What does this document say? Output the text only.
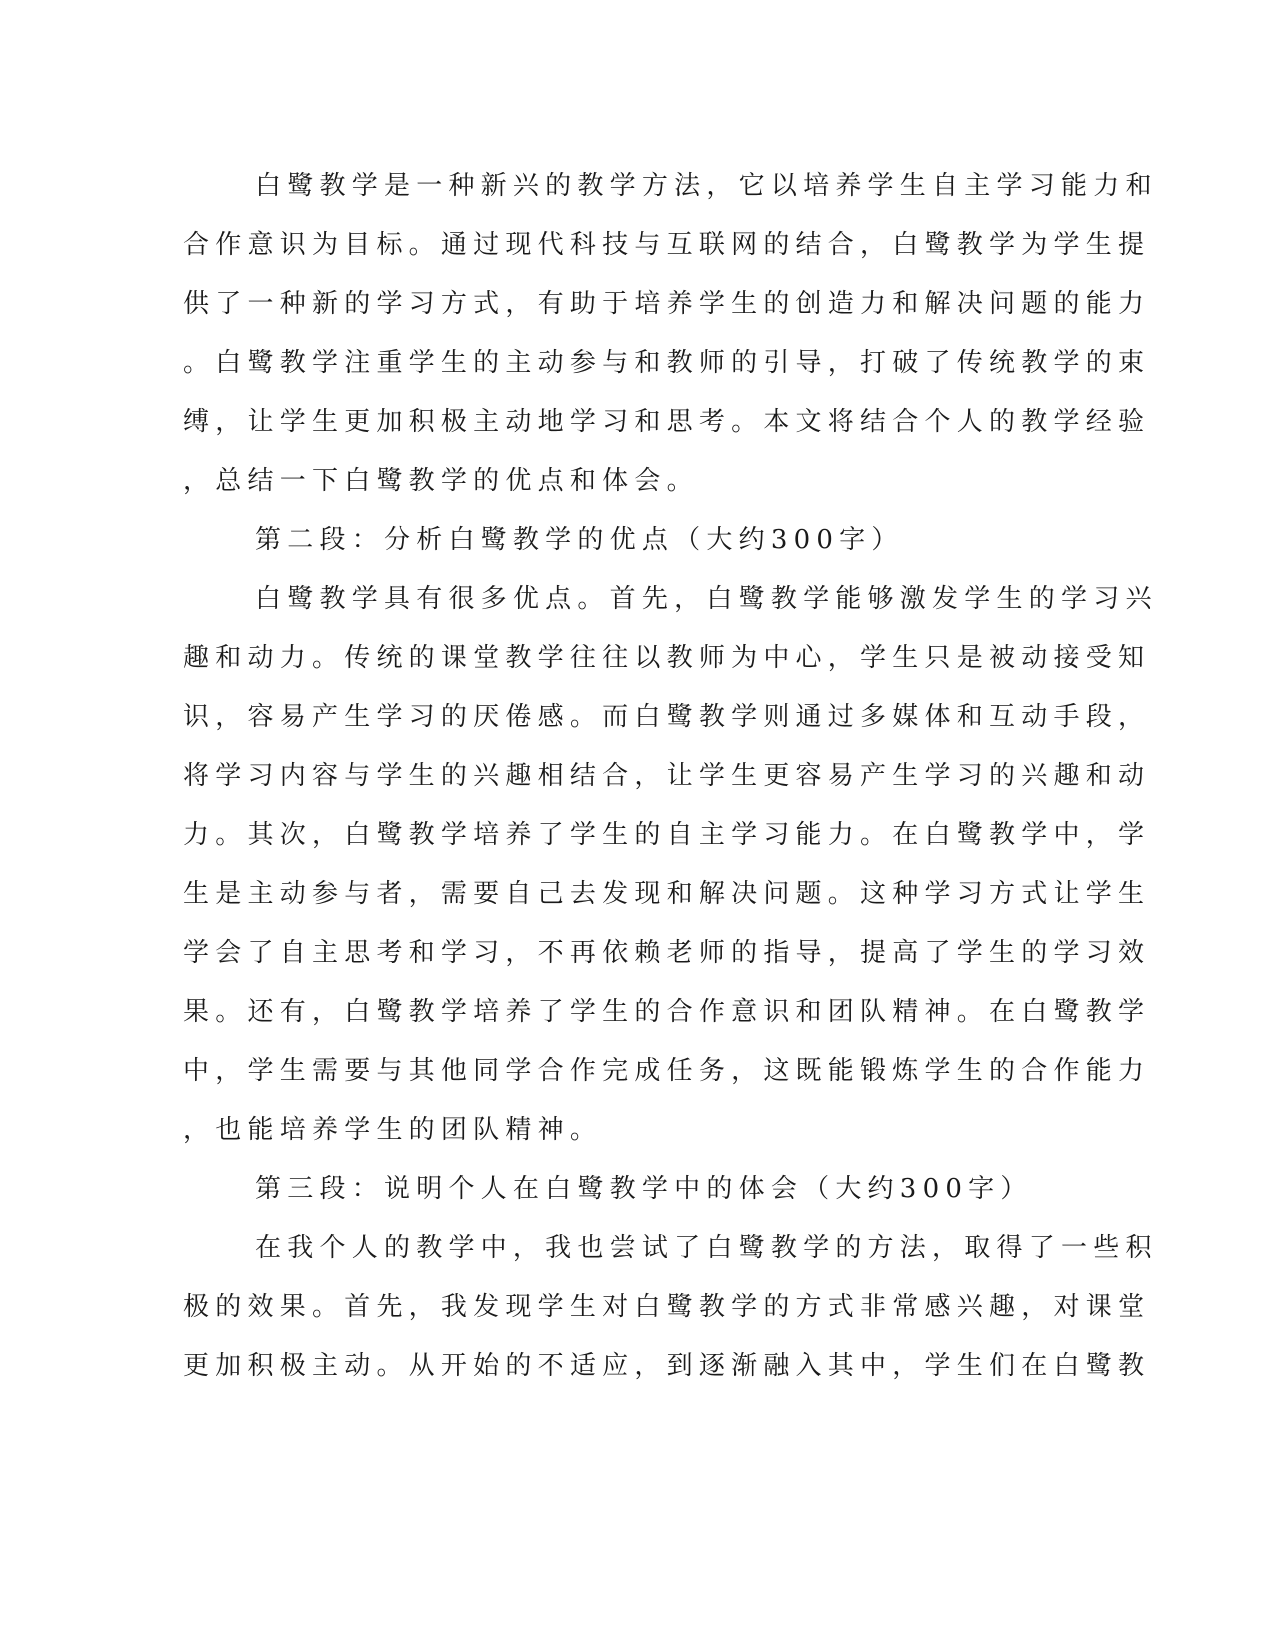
白鹭教学是一种新兴的教学方法，它以培养学生自主学习能力和
合作意识为目标。通过现代科技与互联网的结合，白鹭教学为学生提
供了一种新的学习方式，有助于培养学生的创造力和解决问题的能力
。白鹭教学注重学生的主动参与和教师的引导，打破了传统教学的束
缚，让学生更加积极主动地学习和思考。本文将结合个人的教学经验
，总结一下白鹭教学的优点和体会。
第二段：分析白鹭教学的优点（大约300字）
白鹭教学具有很多优点。首先，白鹭教学能够激发学生的学习兴
趣和动力。传统的课堂教学往往以教师为中心，学生只是被动接受知
识，容易产生学习的厌倦感。而白鹭教学则通过多媒体和互动手段，
将学习内容与学生的兴趣相结合，让学生更容易产生学习的兴趣和动
力。其次，白鹭教学培养了学生的自主学习能力。在白鹭教学中，学
生是主动参与者，需要自己去发现和解决问题。这种学习方式让学生
学会了自主思考和学习，不再依赖老师的指导，提高了学生的学习效
果。还有，白鹭教学培养了学生的合作意识和团队精神。在白鹭教学
中，学生需要与其他同学合作完成任务，这既能锻炼学生的合作能力
，也能培养学生的团队精神。
第三段：说明个人在白鹭教学中的体会（大约300字）
在我个人的教学中，我也尝试了白鹭教学的方法，取得了一些积
极的效果。首先，我发现学生对白鹭教学的方式非常感兴趣，对课堂
更加积极主动。从开始的不适应，到逐渐融入其中，学生们在白鹭教
